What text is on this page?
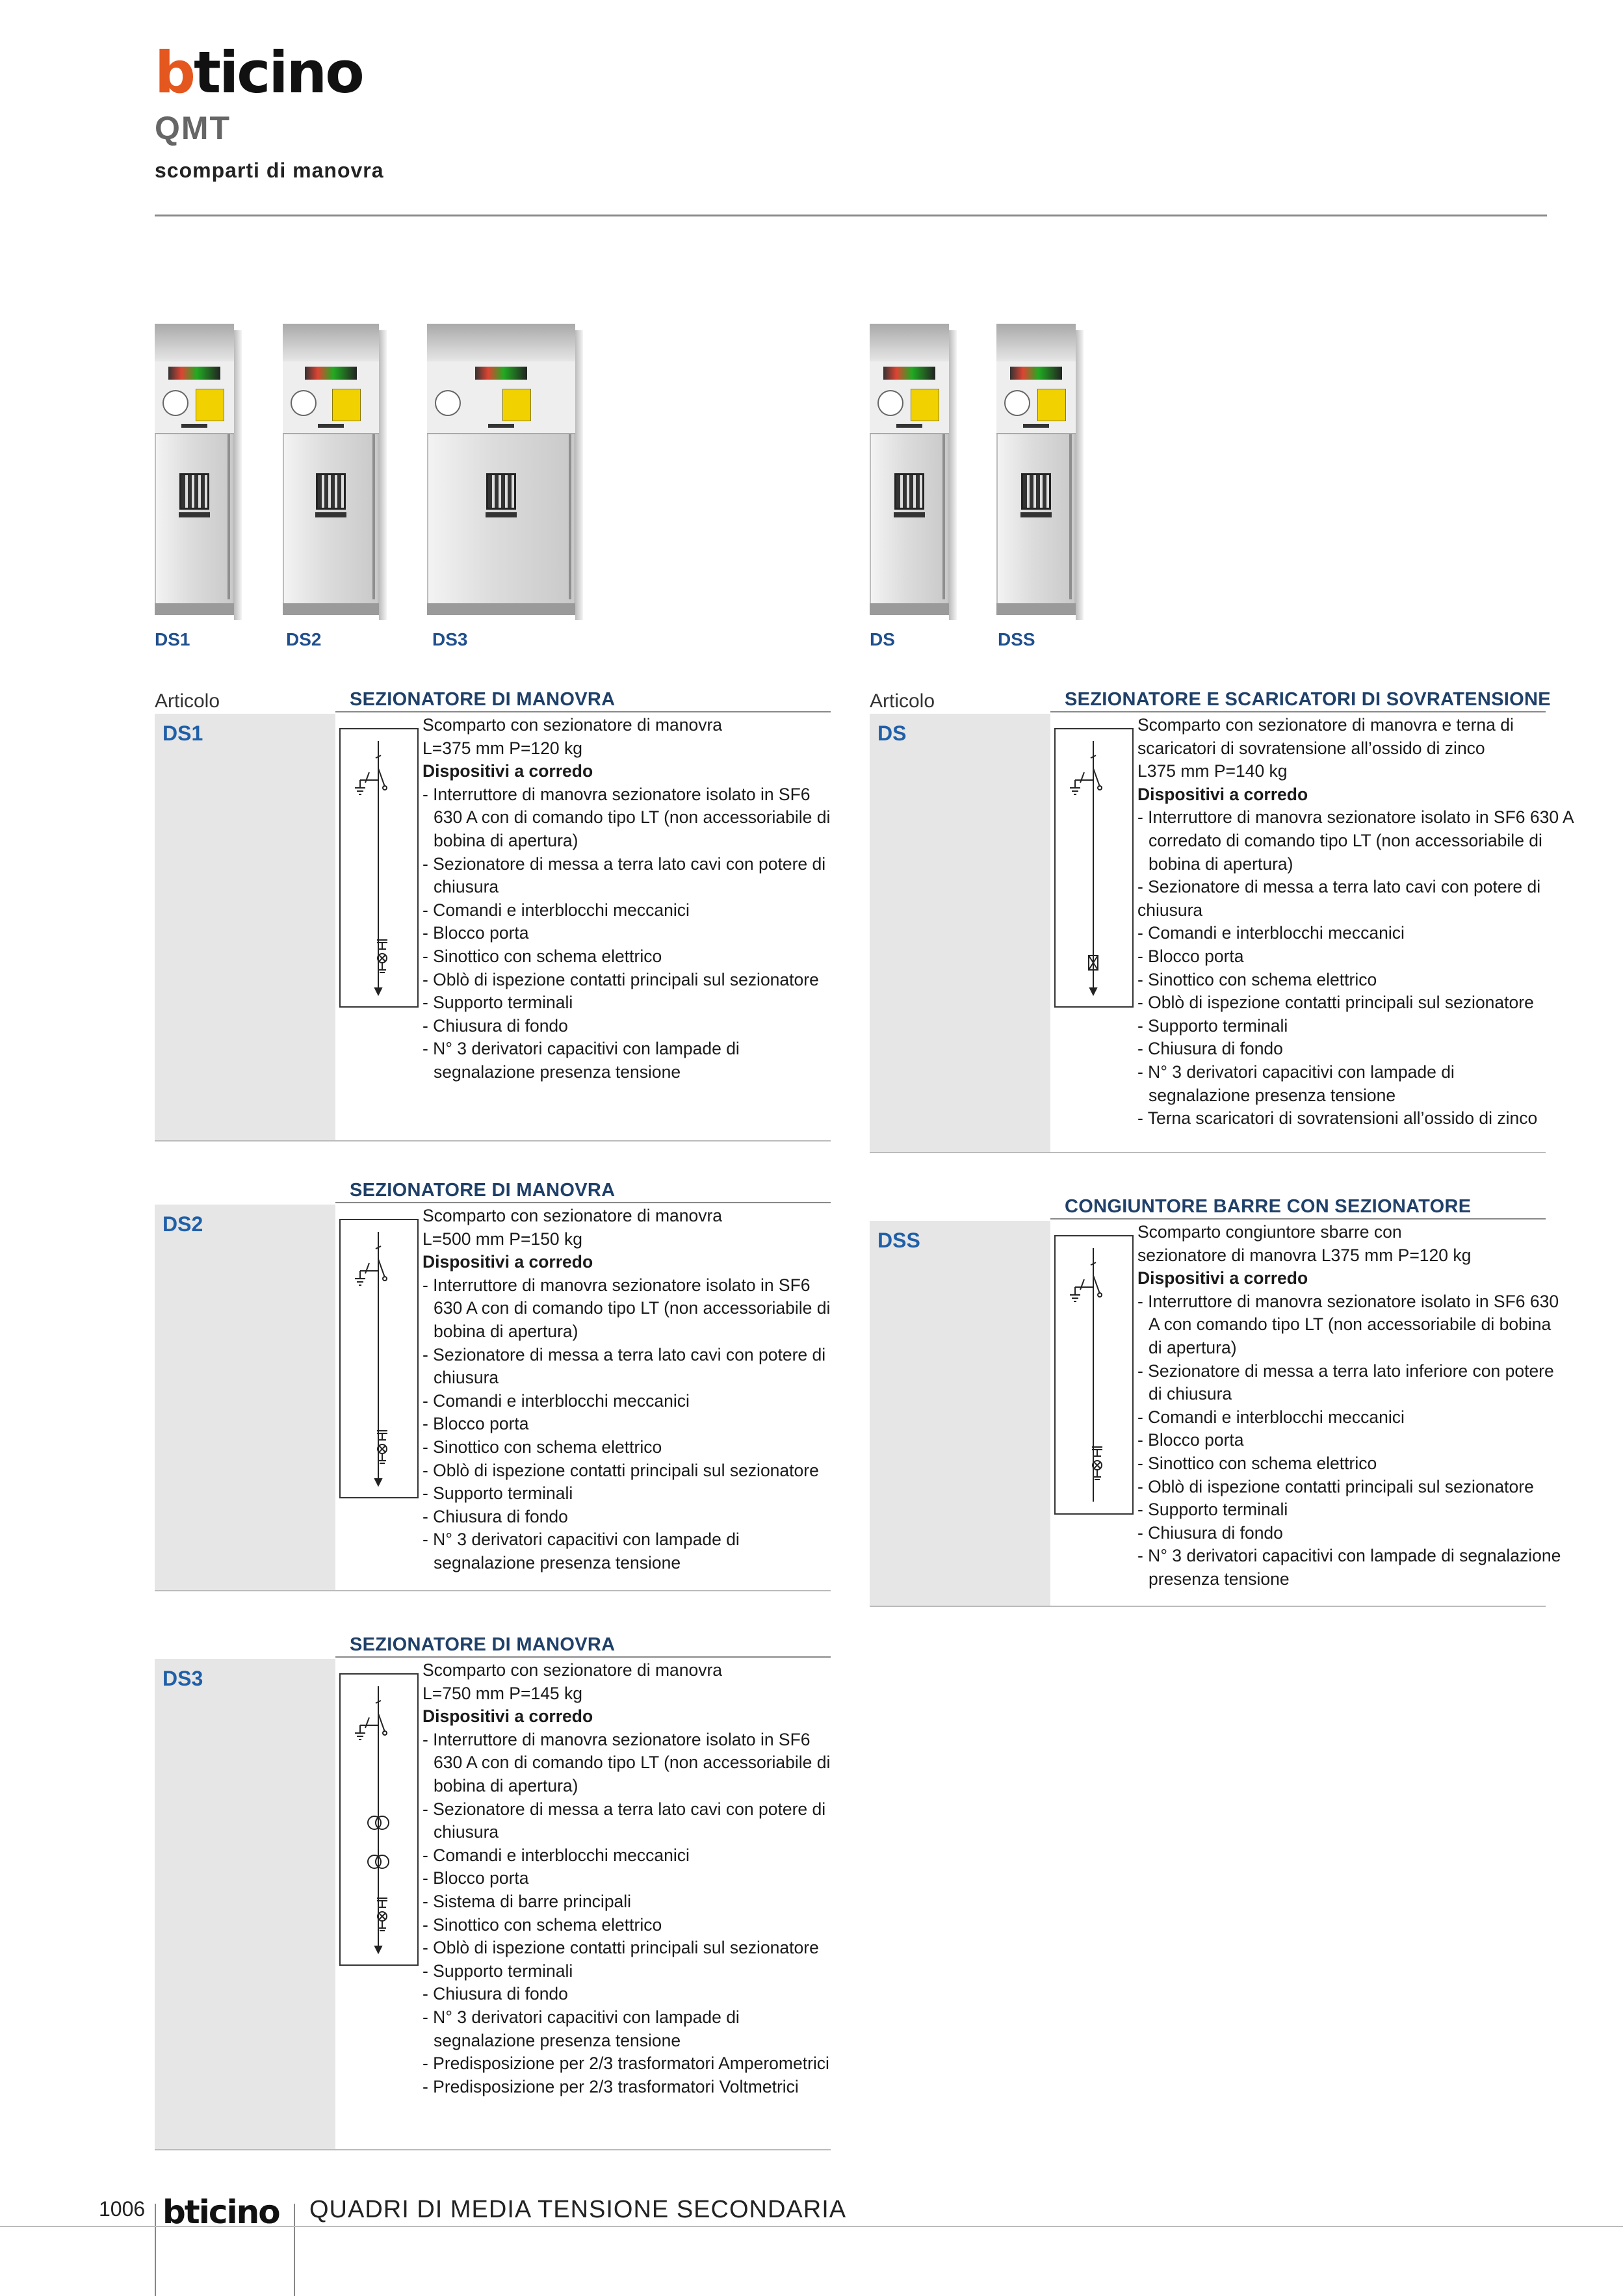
bticino
QMT
scomparti di manovra
DS1	DS2	DS3	DS	DSS
Articolo	Articolo
DS1
SEZIONATORE DI MANOVRA
Scomparto con sezionatore di manovra
L=375 mm P=120 kg
Dispositivi a corredo
- Interruttore di manovra sezionatore isolato in SF6
630 A con di comando tipo LT (non accessoriabile di
bobina di apertura)
- Sezionatore di messa a terra lato cavi con potere di
chiusura
- Comandi e interblocchi meccanici
- Blocco porta
- Sinottico con schema elettrico
- Oblò di ispezione contatti principali sul sezionatore
- Supporto terminali
- Chiusura di fondo
- N° 3 derivatori capacitivi con lampade di
segnalazione presenza tensione
DS2
SEZIONATORE DI MANOVRA
Scomparto con sezionatore di manovra
L=500 mm P=150 kg
Dispositivi a corredo
- Interruttore di manovra sezionatore isolato in SF6
630 A con di comando tipo LT (non accessoriabile di
bobina di apertura)
- Sezionatore di messa a terra lato cavi con potere di
chiusura
- Comandi e interblocchi meccanici
- Blocco porta
- Sinottico con schema elettrico
- Oblò di ispezione contatti principali sul sezionatore
- Supporto terminali
- Chiusura di fondo
- N° 3 derivatori capacitivi con lampade di
segnalazione presenza tensione
DS3
SEZIONATORE DI MANOVRA
Scomparto con sezionatore di manovra
L=750 mm P=145 kg
Dispositivi a corredo
- Interruttore di manovra sezionatore isolato in SF6
630 A con di comando tipo LT (non accessoriabile di
bobina di apertura)
- Sezionatore di messa a terra lato cavi con potere di
chiusura
- Comandi e interblocchi meccanici
- Blocco porta
- Sistema di barre principali
- Sinottico con schema elettrico
- Oblò di ispezione contatti principali sul sezionatore
- Supporto terminali
- Chiusura di fondo
- N° 3 derivatori capacitivi con lampade di
segnalazione presenza tensione
- Predisposizione per 2/3 trasformatori Amperometrici
- Predisposizione per 2/3 trasformatori Voltmetrici
DS
SEZIONATORE E SCARICATORI DI SOVRATENSIONE
Scomparto con sezionatore di manovra e terna di
scaricatori di sovratensione all’ossido di zinco
L375 mm P=140 kg
Dispositivi a corredo
- Interruttore di manovra sezionatore isolato in SF6 630 A
corredato di comando tipo LT (non accessoriabile di
bobina di apertura)
- Sezionatore di messa a terra lato cavi con potere di
chiusura
- Comandi e interblocchi meccanici
- Blocco porta
- Sinottico con schema elettrico
- Oblò di ispezione contatti principali sul sezionatore
- Supporto terminali
- Chiusura di fondo
- N° 3 derivatori capacitivi con lampade di
segnalazione presenza tensione
- Terna scaricatori di sovratensioni all’ossido di zinco
DSS
CONGIUNTORE BARRE CON SEZIONATORE
Scomparto congiuntore sbarre con
sezionatore di manovra L375 mm P=120 kg
Dispositivi a corredo
- Interruttore di manovra sezionatore isolato in SF6 630
A con comando tipo LT (non accessoriabile di bobina
di apertura)
- Sezionatore di messa a terra lato inferiore con potere
di chiusura
- Comandi e interblocchi meccanici
- Blocco porta
- Sinottico con schema elettrico
- Oblò di ispezione contatti principali sul sezionatore
- Supporto terminali
- Chiusura di fondo
- N° 3 derivatori capacitivi con lampade di segnalazione
presenza tensione
1006 bticino QUADRI DI MEDIA TENSIONE SECONDARIA
